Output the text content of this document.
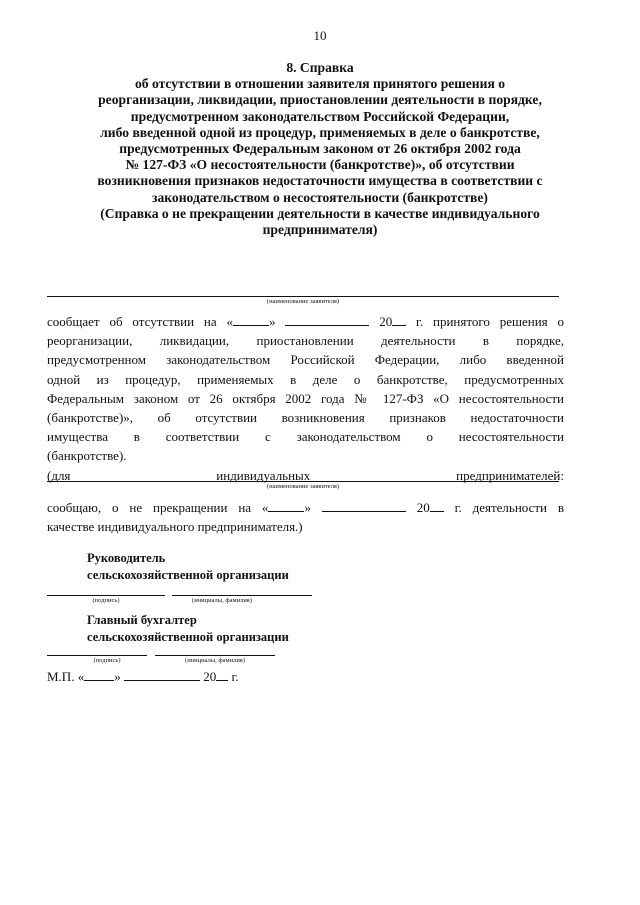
10
8. Справка
об отсутствии в отношении заявителя принятого решения о
реорганизации, ликвидации, приостановлении деятельности в порядке,
предусмотренном законодательством Российской Федерации,
либо введенной одной из процедур, применяемых в деле о банкротстве,
предусмотренных Федеральным законом от 26 октября 2002 года
№ 127-ФЗ «О несостоятельности (банкротстве)», об отсутствии
возникновения признаков недостаточности имущества в соответствии с
законодательством о несостоятельности (банкротстве)
(Справка о не прекращении деятельности в качестве индивидуального
предпринимателя)
(наименование заявителя)
сообщает об отсутствии на «	»	20 г. принятого решения о
реорганизации, ликвидации, приостановлении деятельности в порядке,
предусмотренном законодательством Российской Федерации, либо введенной
одной из процедур, применяемых в деле о банкротстве, предусмотренных
Федеральным законом от 26 октября 2002 года № 127-ФЗ «О несостоятельности
(банкротстве)», об отсутствии возникновения признаков недостаточности
имущества в соответствии с законодательством о несостоятельности
(банкротстве).
(для	индивидуальных	предпринимателей:
(наименование заявителя)
сообщаю, о не прекращении на «	»	20 г. деятельности в
качестве индивидуального предпринимателя.)
Руководитель
сельскохозяйственной организации
(подпись)	(инициалы, фамилия)
Главный бухгалтер
сельскохозяйственной организации
(подпись)	(инициалы, фамилия)
М.П. « »	20 г.
